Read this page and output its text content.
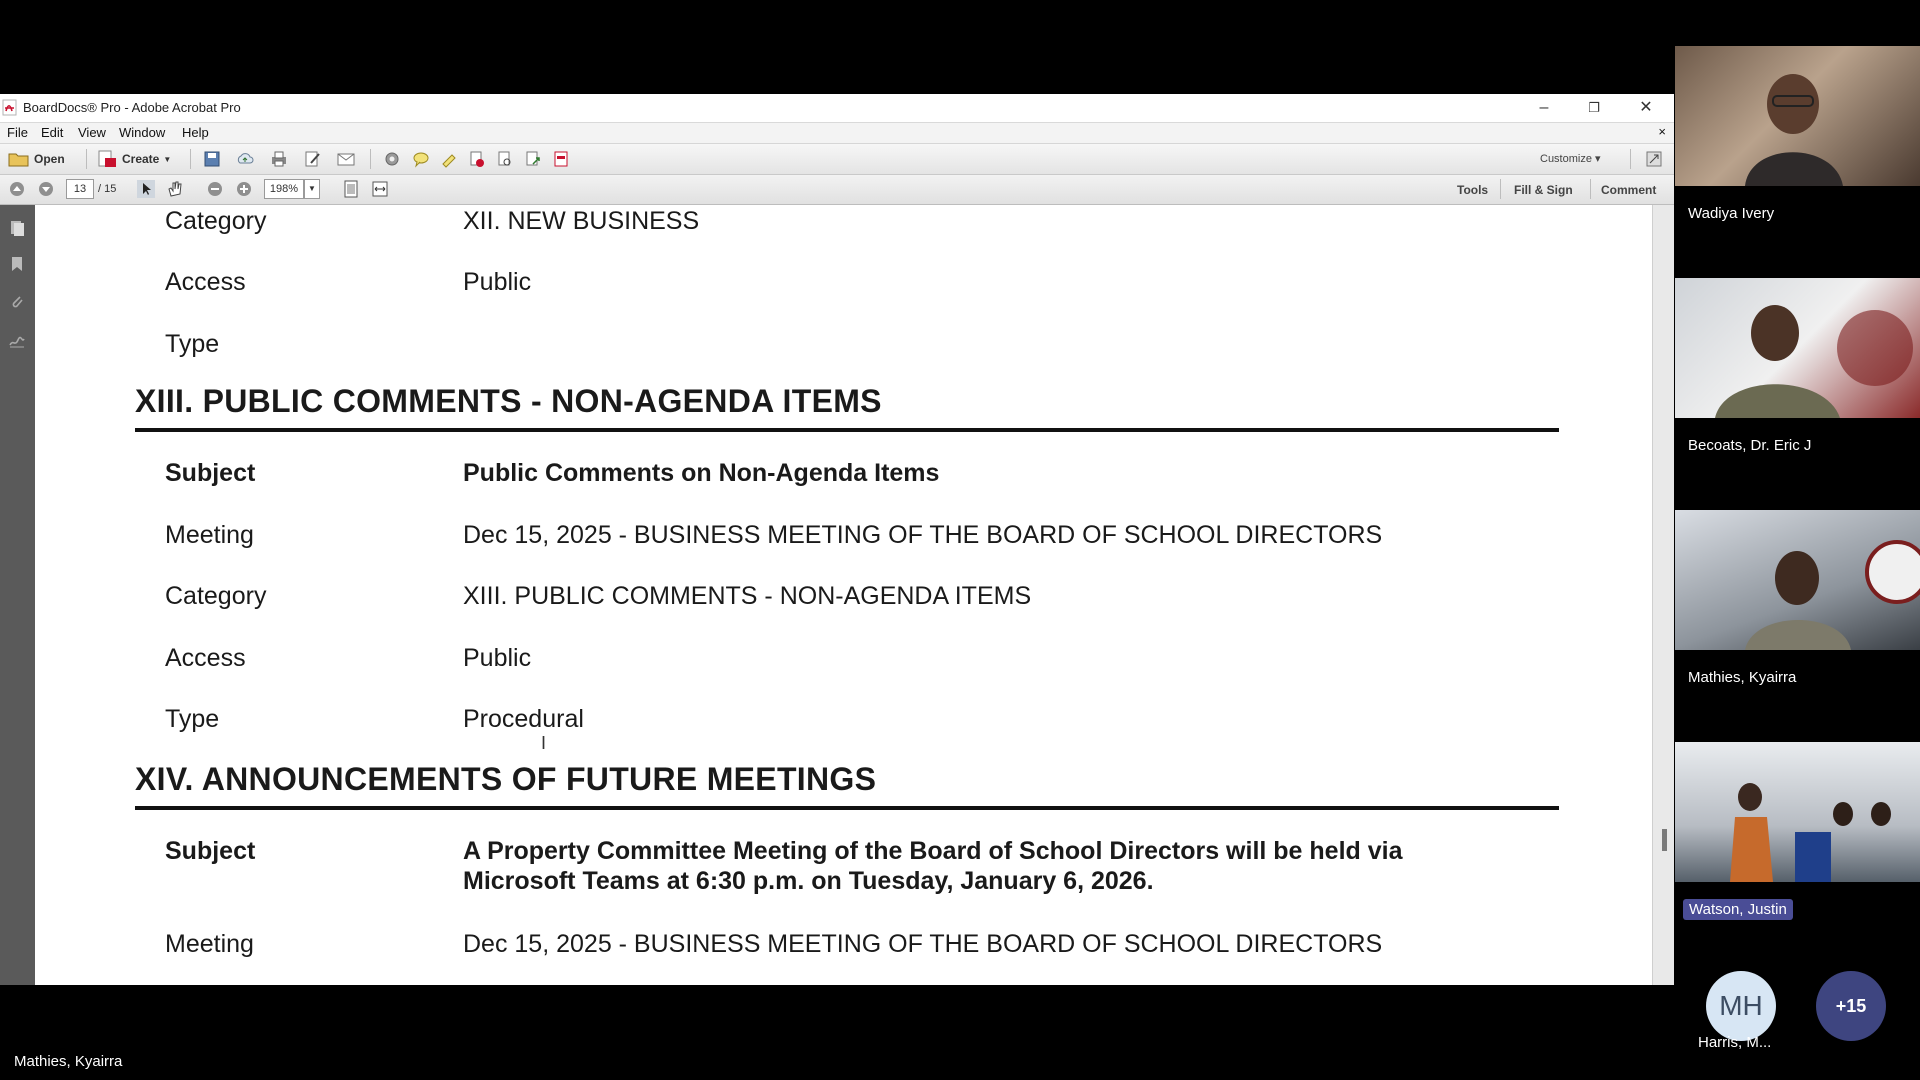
BoardDocs® Pro - Adobe Acrobat Pro	–	❐	✕
File Edit View Window Help	×
Open	Create ▼	Customize ▾
13	/ 15	198%	▼	Tools Fill & Sign Comment
Category	XII. NEW BUSINESS
Access	Public
Type
XIII. PUBLIC COMMENTS - NON-AGENDA ITEMS
Subject	Public Comments on Non-Agenda Items
Meeting	Dec 15, 2025 - BUSINESS MEETING OF THE BOARD OF SCHOOL DIRECTORS
Category	XIII. PUBLIC COMMENTS - NON-AGENDA ITEMS
Access	Public
Type	Procedural
I
XIV. ANNOUNCEMENTS OF FUTURE MEETINGS
Subject	A Property Committee Meeting of the Board of School Directors will be held via
Microsoft Teams at 6:30 p.m. on Tuesday, January 6, 2026.
Meeting	Dec 15, 2025 - BUSINESS MEETING OF THE BOARD OF SCHOOL DIRECTORS
Wadiya Ivery
Becoats, Dr. Eric J
Mathies, Kyairra
Watson, Justin
MH
Harris, M...
+15
Mathies, Kyairra
